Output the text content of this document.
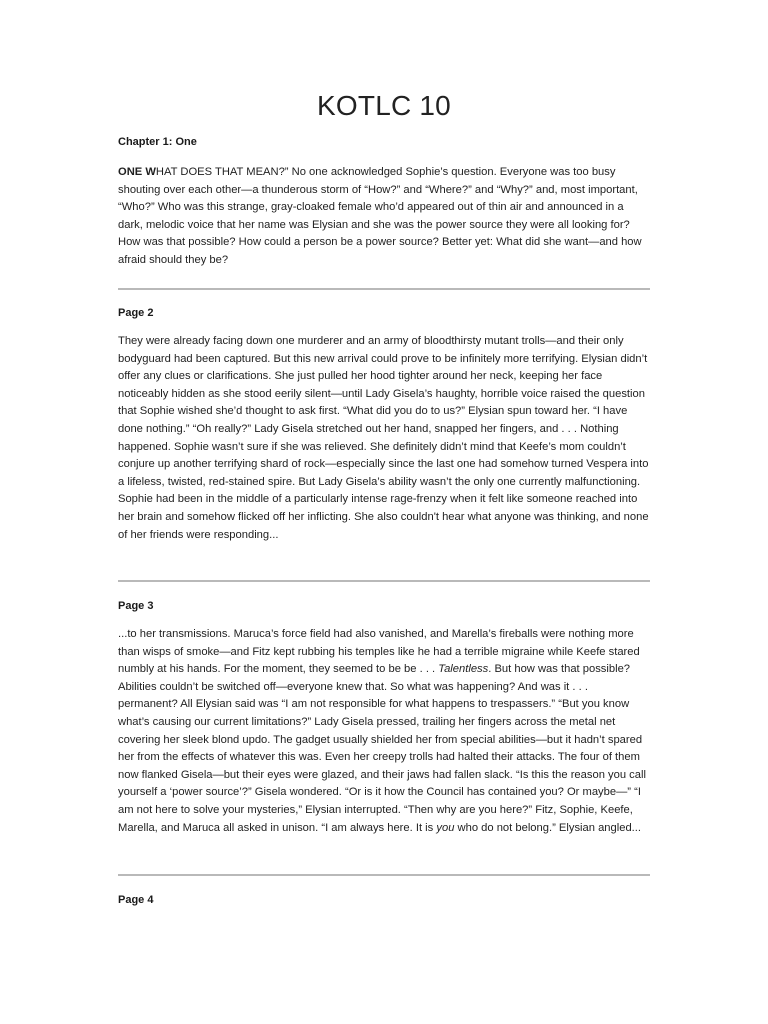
KOTLC 10

Chapter 1: One

ONE WHAT DOES THAT MEAN?” No one acknowledged Sophie’s question. Everyone was too busy shouting over each other—a thunderous storm of “How?” and “Where?” and “Why?” and, most important, “Who?” Who was this strange, gray-cloaked female who’d appeared out of thin air and announced in a dark, melodic voice that her name was Elysian and she was the power source they were all looking for? How was that possible? How could a person be a power source? Better yet: What did she want—and how afraid should they be?

Page 2

They were already facing down one murderer and an army of bloodthirsty mutant trolls—and their only bodyguard had been captured. But this new arrival could prove to be infinitely more terrifying. Elysian didn’t offer any clues or clarifications. She just pulled her hood tighter around her neck, keeping her face noticeably hidden as she stood eerily silent—until Lady Gisela’s haughty, horrible voice raised the question that Sophie wished she’d thought to ask first. “What did you do to us?” Elysian spun toward her. “I have done nothing.” “Oh really?” Lady Gisela stretched out her hand, snapped her fingers, and . . . Nothing happened. Sophie wasn’t sure if she was relieved. She definitely didn’t mind that Keefe’s mom couldn’t conjure up another terrifying shard of rock—especially since the last one had somehow turned Vespera into a lifeless, twisted, red-stained spire. But Lady Gisela’s ability wasn’t the only one currently malfunctioning. Sophie had been in the middle of a particularly intense rage-frenzy when it felt like someone reached into her brain and somehow flicked off her inflicting. She also couldn't hear what anyone was thinking, and none of her friends were responding...

Page 3

...to her transmissions. Maruca’s force field had also vanished, and Marella’s fireballs were nothing more than wisps of smoke—and Fitz kept rubbing his temples like he had a terrible migraine while Keefe stared numbly at his hands. For the moment, they seemed to be be . . . Talentless. But how was that possible? Abilities couldn’t be switched off—everyone knew that. So what was happening? And was it . . . permanent? All Elysian said was “I am not responsible for what happens to trespassers.” “But you know what’s causing our current limitations?” Lady Gisela pressed, trailing her fingers across the metal net covering her sleek blond updo. The gadget usually shielded her from special abilities—but it hadn’t spared her from the effects of whatever this was. Even her creepy trolls had halted their attacks. The four of them now flanked Gisela—but their eyes were glazed, and their jaws had fallen slack. “Is this the reason you call yourself a ‘power source’?” Gisela wondered. “Or is it how the Council has contained you? Or maybe—” “I am not here to solve your mysteries,” Elysian interrupted. “Then why are you here?” Fitz, Sophie, Keefe, Marella, and Maruca all asked in unison. “I am always here. It is you who do not belong.” Elysian angled...

Page 4
